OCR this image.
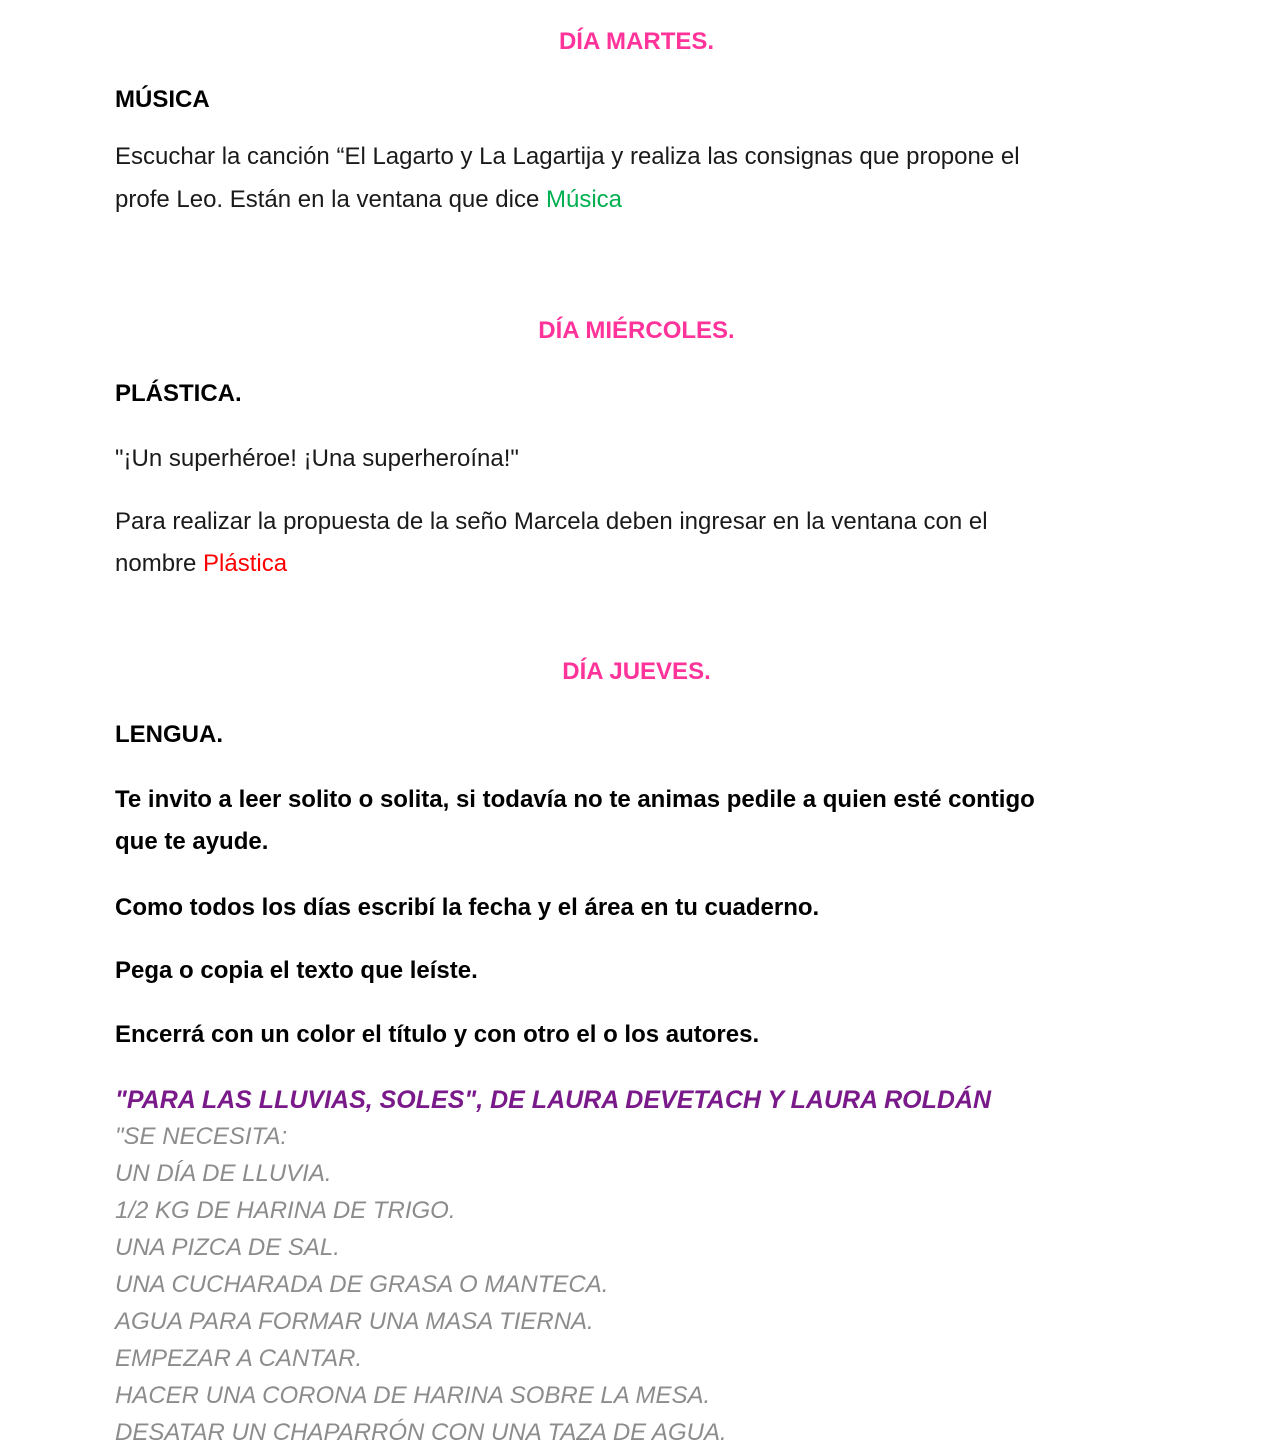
DÍA MARTES.
MÚSICA
Escuchar la canción “El Lagarto y La Lagartija y realiza las consignas que propone el
profe Leo. Están en la ventana que dice Música
DÍA MIÉRCOLES.
PLÁSTICA.
"¡Un superhéroe! ¡Una superheroína!"
Para realizar la propuesta de la seño Marcela deben ingresar en la ventana con el
nombre Plástica
DÍA JUEVES.
LENGUA.
Te invito a leer solito o solita, si todavía no te animas pedile a quien esté contigo
que te ayude.
Como todos los días escribí la fecha y el área en tu cuaderno.
Pega o copia el texto que leíste.
Encerrá con un color el título y con otro el o los autores.
"PARA LAS LLUVIAS, SOLES", DE LAURA DEVETACH Y LAURA ROLDÁN
"SE NECESITA:
UN DÍA DE LLUVIA.
1/2 KG DE HARINA DE TRIGO.
UNA PIZCA DE SAL.
UNA CUCHARADA DE GRASA O MANTECA.
AGUA PARA FORMAR UNA MASA TIERNA.
EMPEZAR A CANTAR.
HACER UNA CORONA DE HARINA SOBRE LA MESA.
DESATAR UN CHAPARRÓN CON UNA TAZA DE AGUA.
